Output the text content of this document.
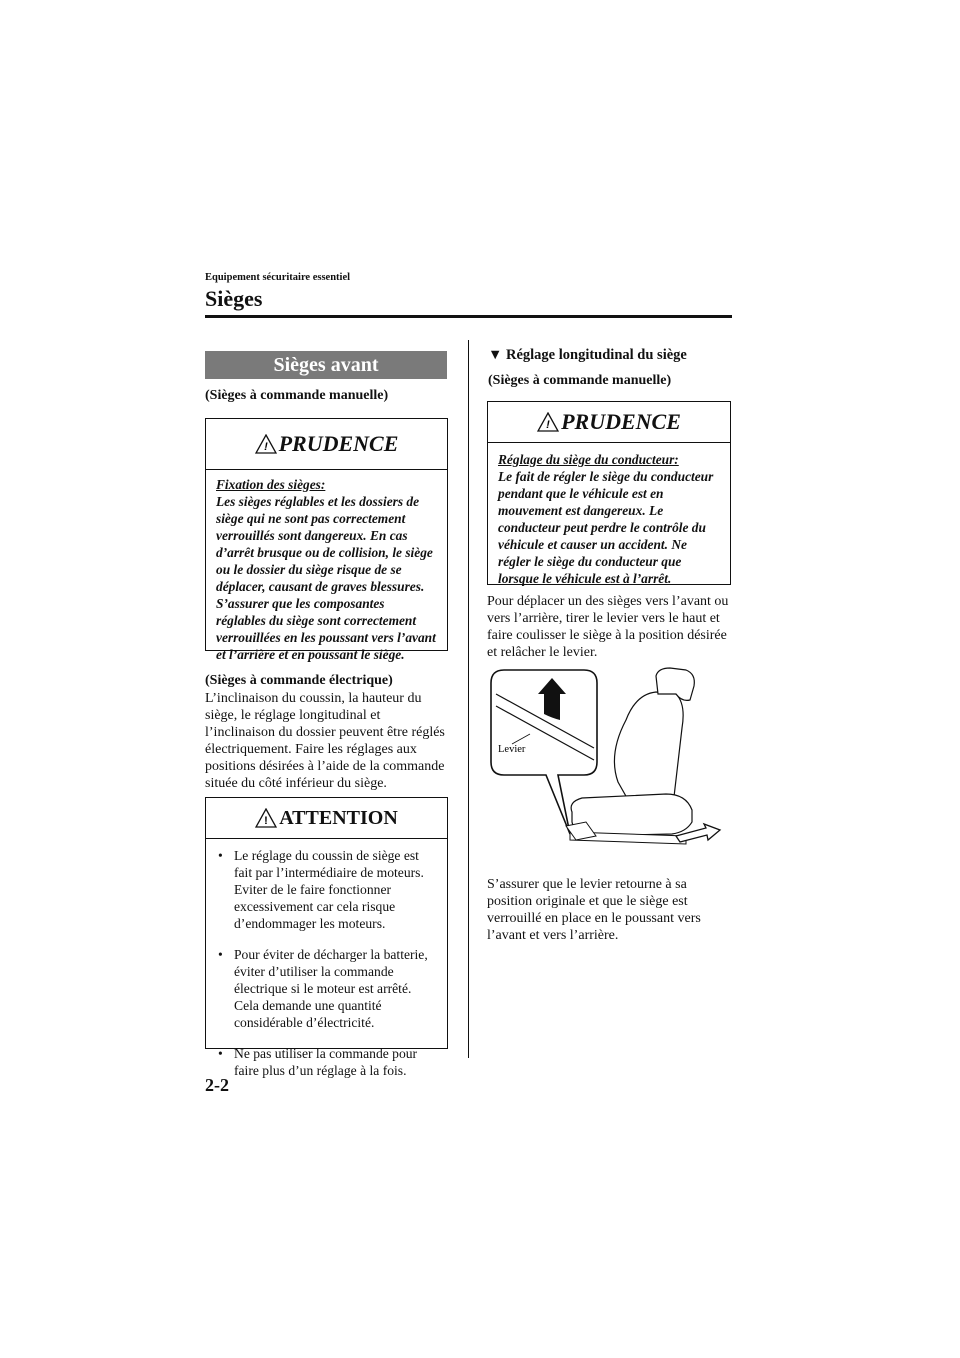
Equipement sécuritaire essentiel
Sièges
Sièges avant
(Sièges à commande manuelle)
! PRUDENCE
Fixation des sièges:
Les sièges réglables et les dossiers de siège qui ne sont pas correctement verrouillés sont dangereux. En cas d’arrêt brusque ou de collision, le siège ou le dossier du siège risque de se déplacer, causant de graves blessures. S’assurer que les composantes réglables du siège sont correctement verrouillées en les poussant vers l’avant et l’arrière et en poussant le siège.
(Sièges à commande électrique)

L’inclinaison du coussin, la hauteur du siège, le réglage longitudinal et l’inclinaison du dossier peuvent être réglés électriquement. Faire les réglages aux positions désirées à l’aide de la commande située du côté inférieur du siège.

! ATTENTION
• Le réglage du coussin de siège est fait par l’intermédiaire de moteurs. Eviter de le faire fonctionner excessivement car cela risque d’endommager les moteurs.
• Pour éviter de décharger la batterie, éviter d’utiliser la commande électrique si le moteur est arrêté. Cela demande une quantité considérable d’électricité.
• Ne pas utiliser la commande pour faire plus d’un réglage à la fois.
▼ Réglage longitudinal du siège
(Sièges à commande manuelle)
! PRUDENCE
Réglage du siège du conducteur:
Le fait de régler le siège du conducteur pendant que le véhicule est en mouvement est dangereux. Le conducteur peut perdre le contrôle du véhicule et causer un accident. Ne régler le siège du conducteur que lorsque le véhicule est à l’arrêt.

Pour déplacer un des sièges vers l’avant ou vers l’arrière, tirer le levier vers le haut et faire coulisser le siège à la position désirée et relâcher le levier.

Levier

S’assurer que le levier retourne à sa position originale et que le siège est verrouillé en place en le poussant vers l’avant et vers l’arrière.

2-2
